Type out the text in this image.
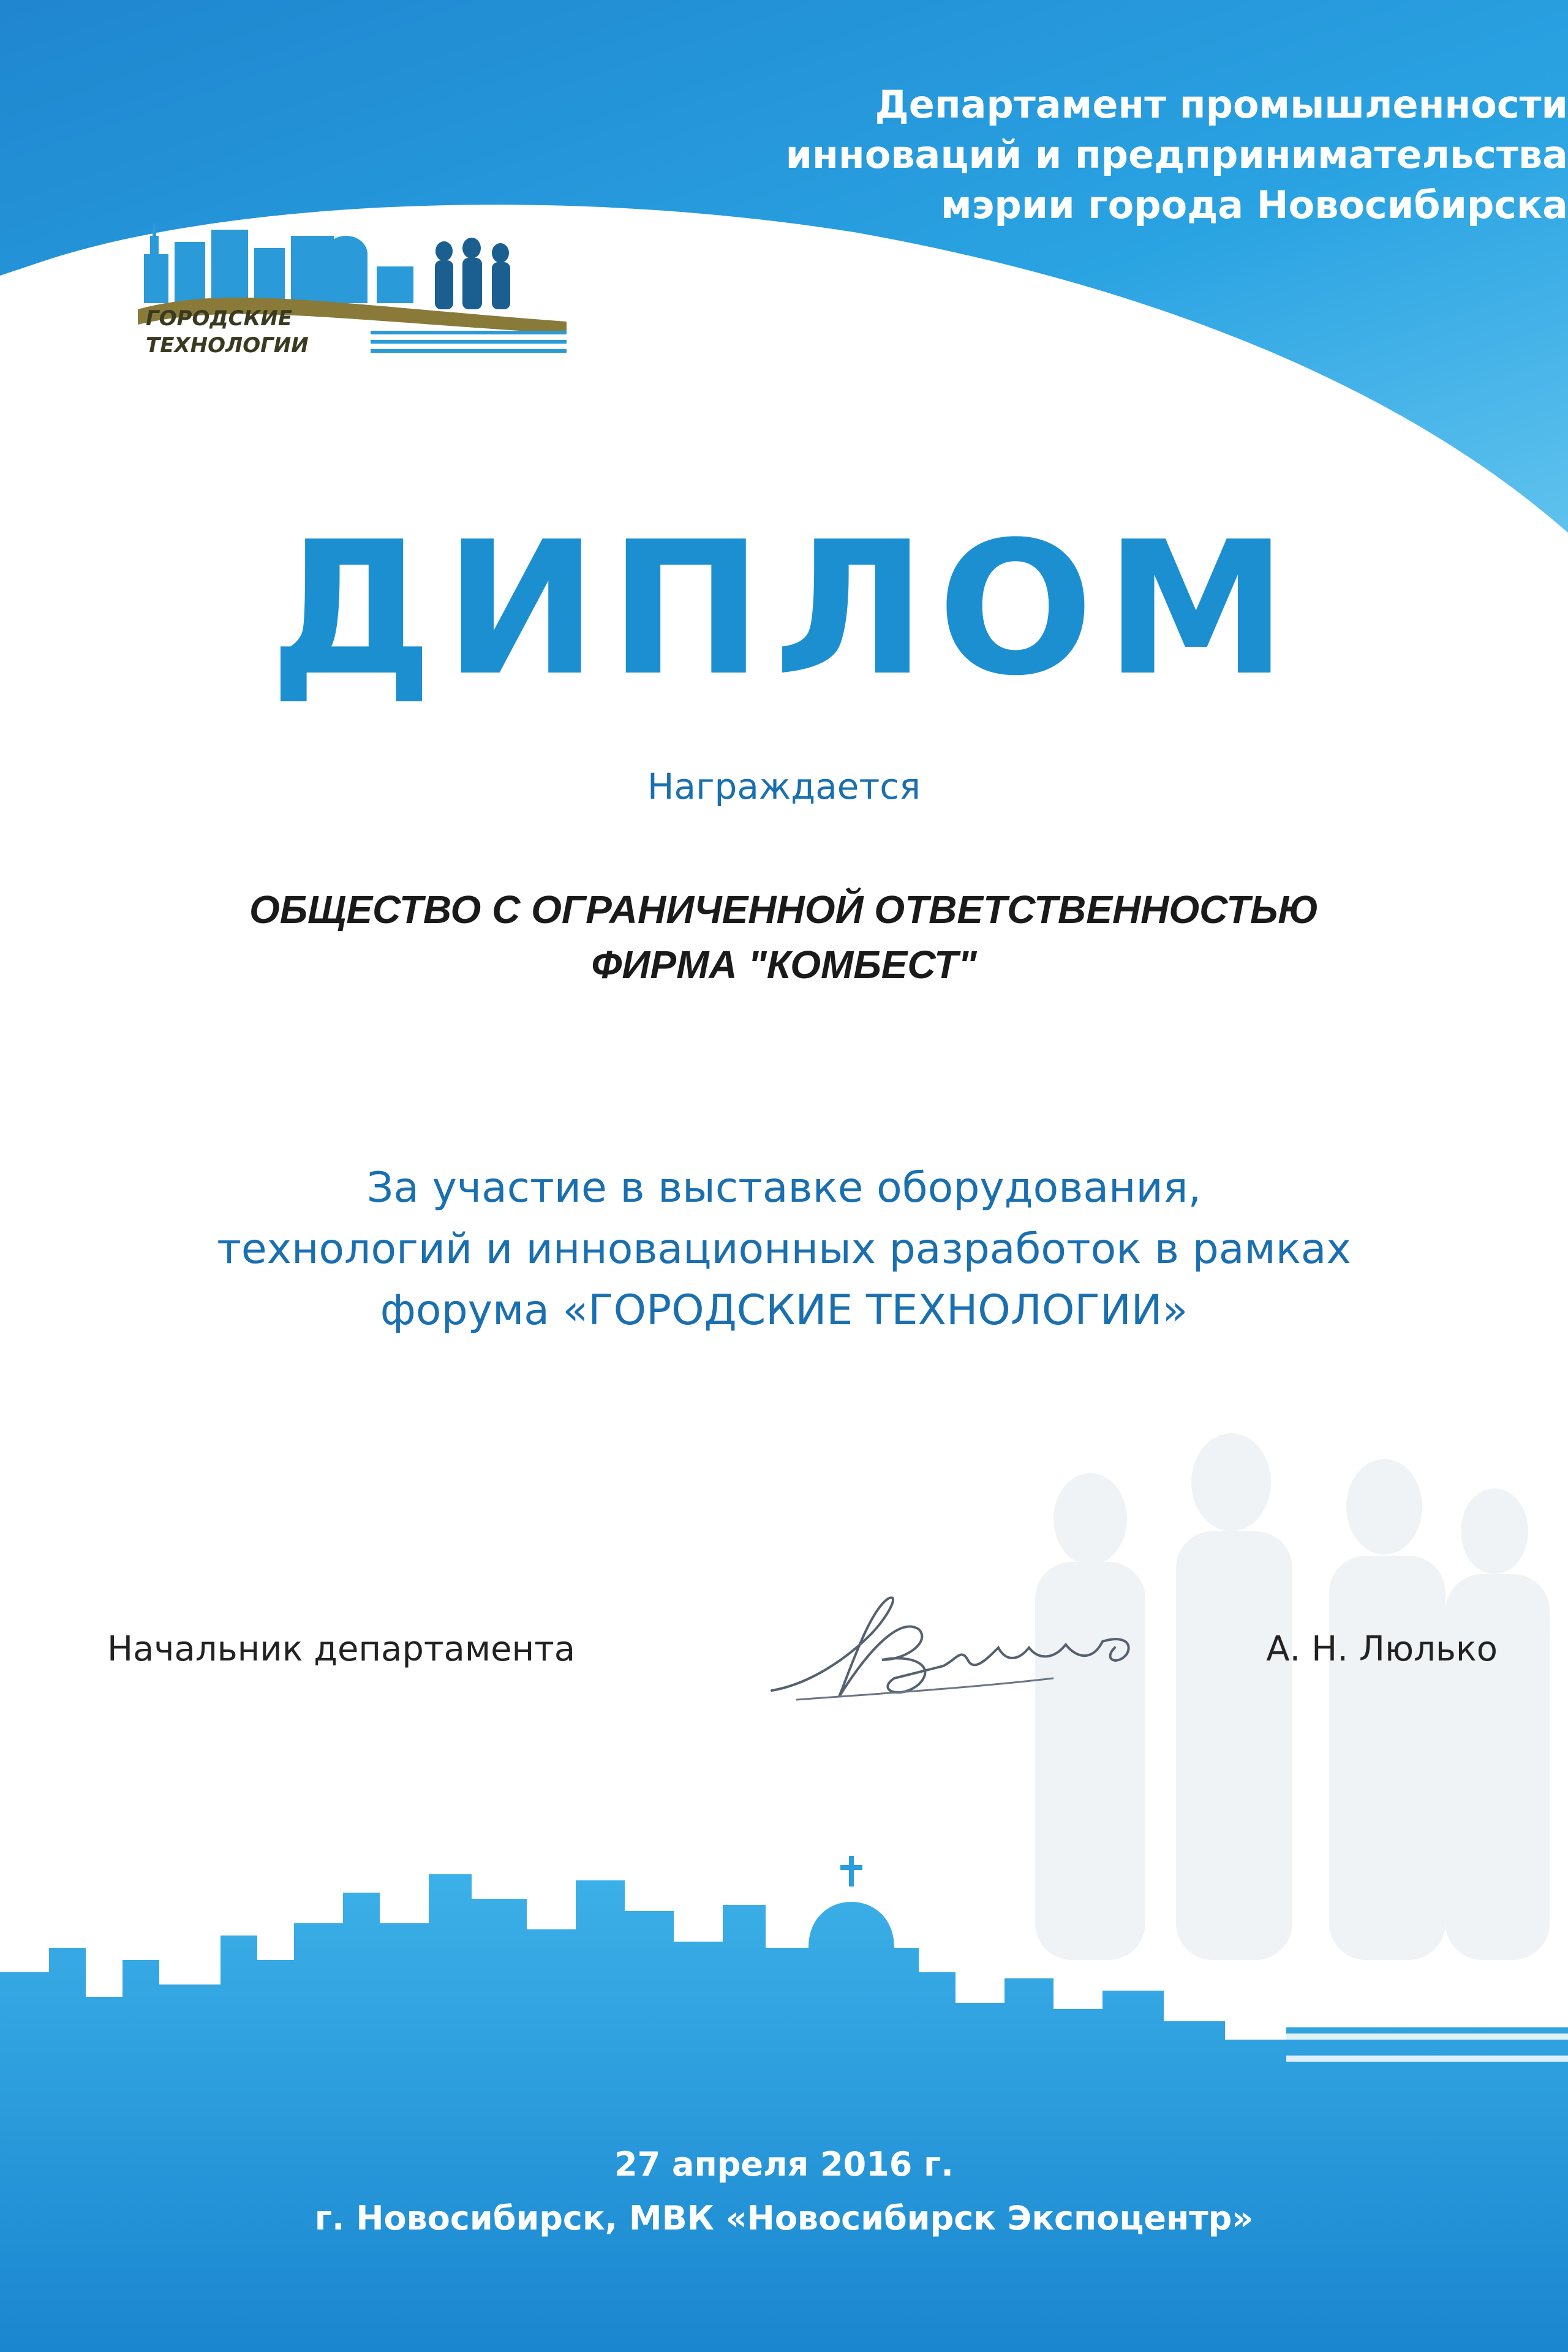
Департамент промышленности
инноваций и предпринимательства
мэрии города Новосибирска
ГОРОДСКИЕ
ТЕХНОЛОГИИ
ДИПЛОМ
Награждается
ОБЩЕСТВО С ОГРАНИЧЕННОЙ ОТВЕТСТВЕННОСТЬЮ
ФИРМА "КОМБЕСТ"
За участие в выставке оборудования,
технологий и инновационных разработок в рамках
форума «ГОРОДСКИЕ ТЕХНОЛОГИИ»
Начальник департамента	А. Н. Люлько
27 апреля 2016 г.
г. Новосибирск, МВК «Новосибирск Экспоцентр»
